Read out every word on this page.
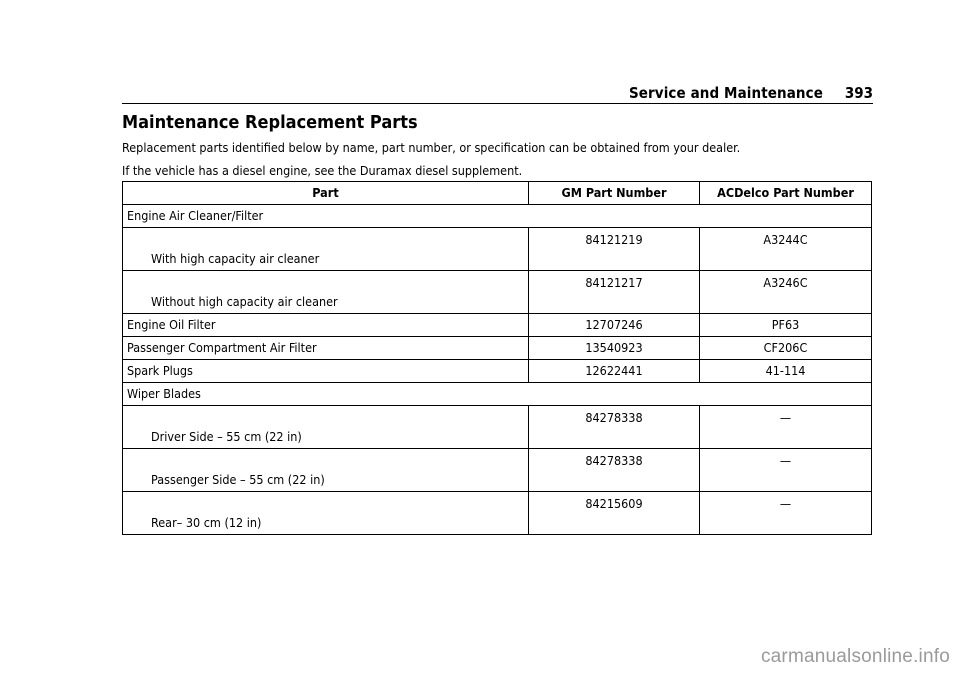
Service and Maintenance 393
Maintenance Replacement Parts
Replacement parts identified below by name, part number, or specification can be obtained from your dealer.
If the vehicle has a diesel engine, see the Duramax diesel supplement.
Part	GM Part Number	ACDelco Part Number
Engine Air Cleaner/Filter		

With high capacity air cleaner	84121219	A3244C

Without high capacity air cleaner	84121217	A3246C

Engine Oil Filter	12707246	PF63
Passenger Compartment Air Filter	13540923	CF206C
Spark Plugs	12622441	41-114
Wiper Blades		

Driver Side – 55 cm (22 in)	84278338	—

Passenger Side – 55 cm (22 in)	84278338	—

Rear– 30 cm (12 in)	84215609	—
carmanualsonline.info
